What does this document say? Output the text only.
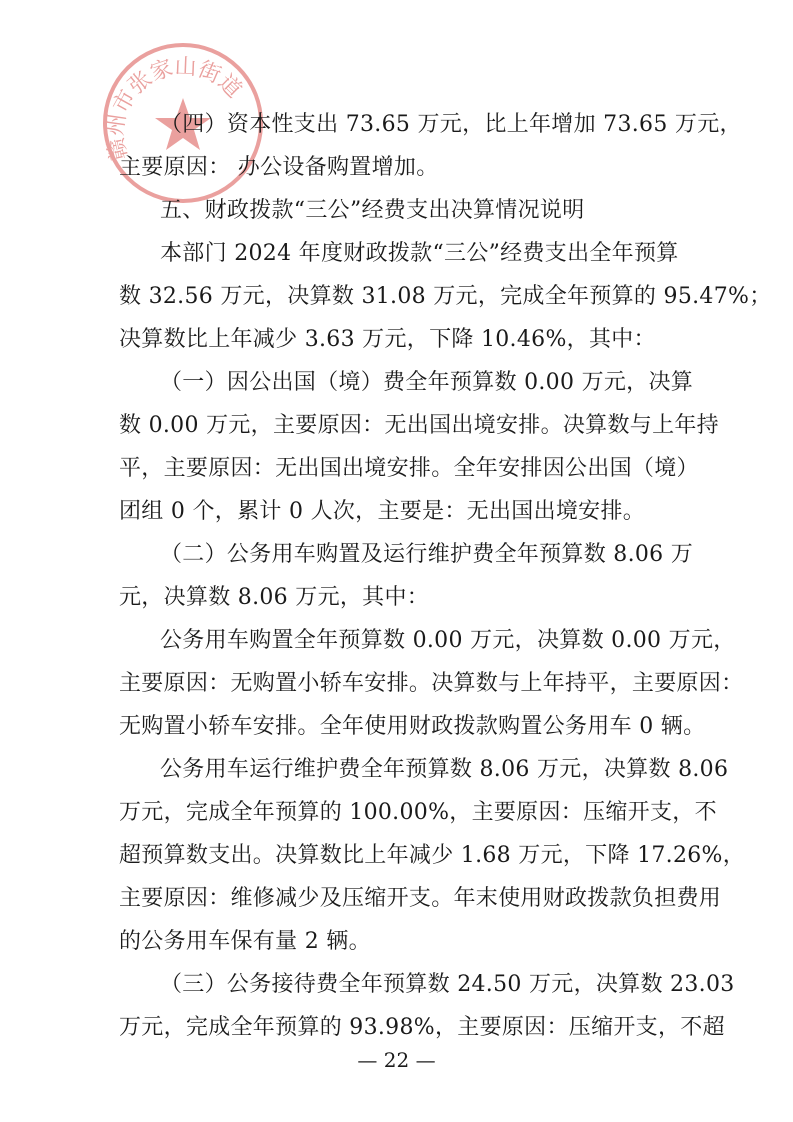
赣州市张家山街道
（四）资本性支出 73.65 万元，比上年增加 73.65 万元，
主要原因： 办公设备购置增加。
五、财政拨款“三公”经费支出决算情况说明
本部门 2024 年度财政拨款“三公”经费支出全年预算
数 32.56 万元，决算数 31.08 万元，完成全年预算的 95.47%；
决算数比上年减少 3.63 万元，下降 10.46%，其中：
（一）因公出国（境）费全年预算数 0.00 万元，决算
数 0.00 万元，主要原因：无出国出境安排。决算数与上年持
平，主要原因：无出国出境安排。全年安排因公出国（境）
团组 0 个，累计 0 人次，主要是：无出国出境安排。
（二）公务用车购置及运行维护费全年预算数 8.06 万
元，决算数 8.06 万元，其中：
公务用车购置全年预算数 0.00 万元，决算数 0.00 万元，
主要原因：无购置小轿车安排。决算数与上年持平，主要原因：
无购置小轿车安排。全年使用财政拨款购置公务用车 0 辆。
公务用车运行维护费全年预算数 8.06 万元，决算数 8.06
万元，完成全年预算的 100.00%，主要原因：压缩开支，不
超预算数支出。决算数比上年减少 1.68 万元，下降 17.26%，
主要原因：维修减少及压缩开支。年末使用财政拨款负担费用
的公务用车保有量 2 辆。
（三）公务接待费全年预算数 24.50 万元，决算数 23.03
万元，完成全年预算的 93.98%，主要原因：压缩开支，不超
— 22 —
